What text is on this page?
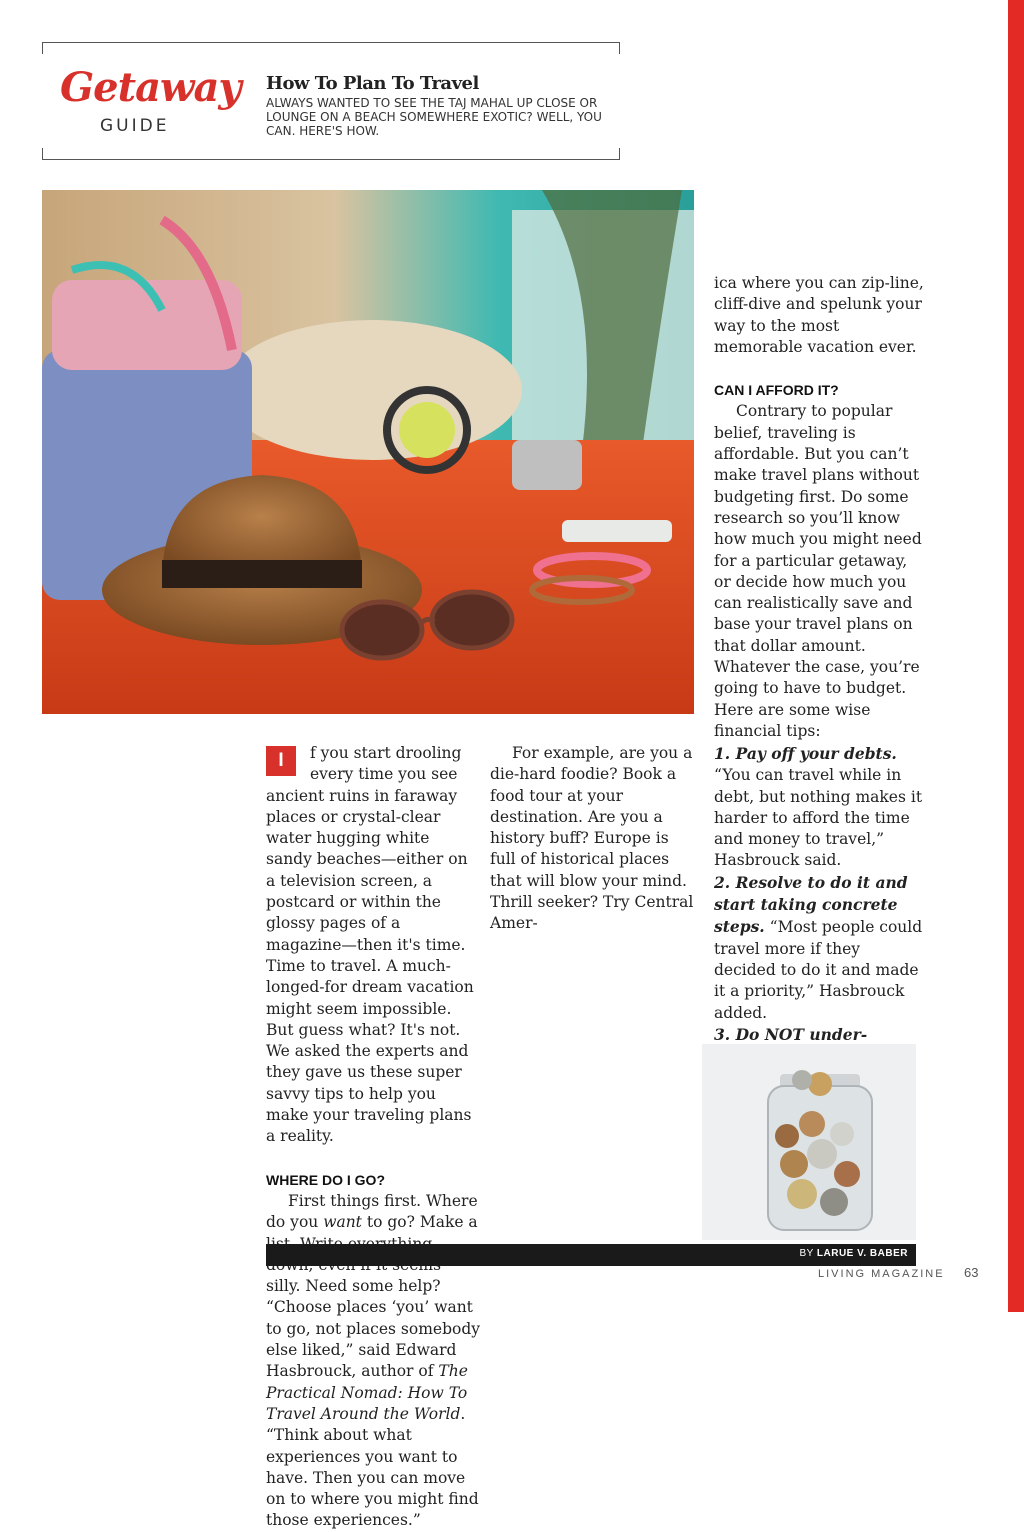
Getaway
GUIDE
How To Plan To Travel
ALWAYS WANTED TO SEE THE TAJ MAHAL UP CLOSE OR LOUNGE ON A BEACH SOMEWHERE EXOTIC? WELL, YOU CAN. HERE'S HOW.

I	f you start drooling every time you see ancient ruins in faraway places or crystal-clear water hugging white sandy beaches—either on a television screen, a postcard or within the glossy pages of a magazine—then it's time. Time to travel. A much-longed-for dream vacation might seem impossible. But guess what? It's not. We asked the experts and they gave us these super savvy tips to help you make your traveling plans a reality.

WHERE DO I GO?

First things first. Where do you want to go? Make a silly. Need some help? “Choose places ‘you’ want to go, not places somebody else liked,” said Edward Hasbrouck, author of The Practical Nomad: How To Travel Around the World. “Think about what experiences you want to have. Then you can move on to where you might find those experiences.”

For example, are you a die-hard foodie? Book a food tour at your destination. Are you a history buff? Europe is full of historical places that will blow your mind. Thrill seeker? Try Central Amer-

ica where you can zip-line, cliff-dive and spelunk your way to the most memorable vacation ever.

CAN I AFFORD IT?

Contrary to popular belief, traveling is affordable. But you can’t make travel plans without budgeting first. Do some research so you’ll know how much you might need for a particular getaway, or decide how much you can realistically save and base your travel plans on that dollar amount. Whatever the case, you’re going to have to budget. Here are some wise financial tips:

1. Pay off your debts. “You can travel while in debt, but nothing makes it harder to afford the time and money to travel,” Hasbrouck said.

2. Resolve to do it and start taking concrete steps. “Most people could travel more if they decided to do it and made it a priority,” Hasbrouck added.

3. Do NOT under-

BY LARUE V. BABER
LIVING MAGAZINE 63
